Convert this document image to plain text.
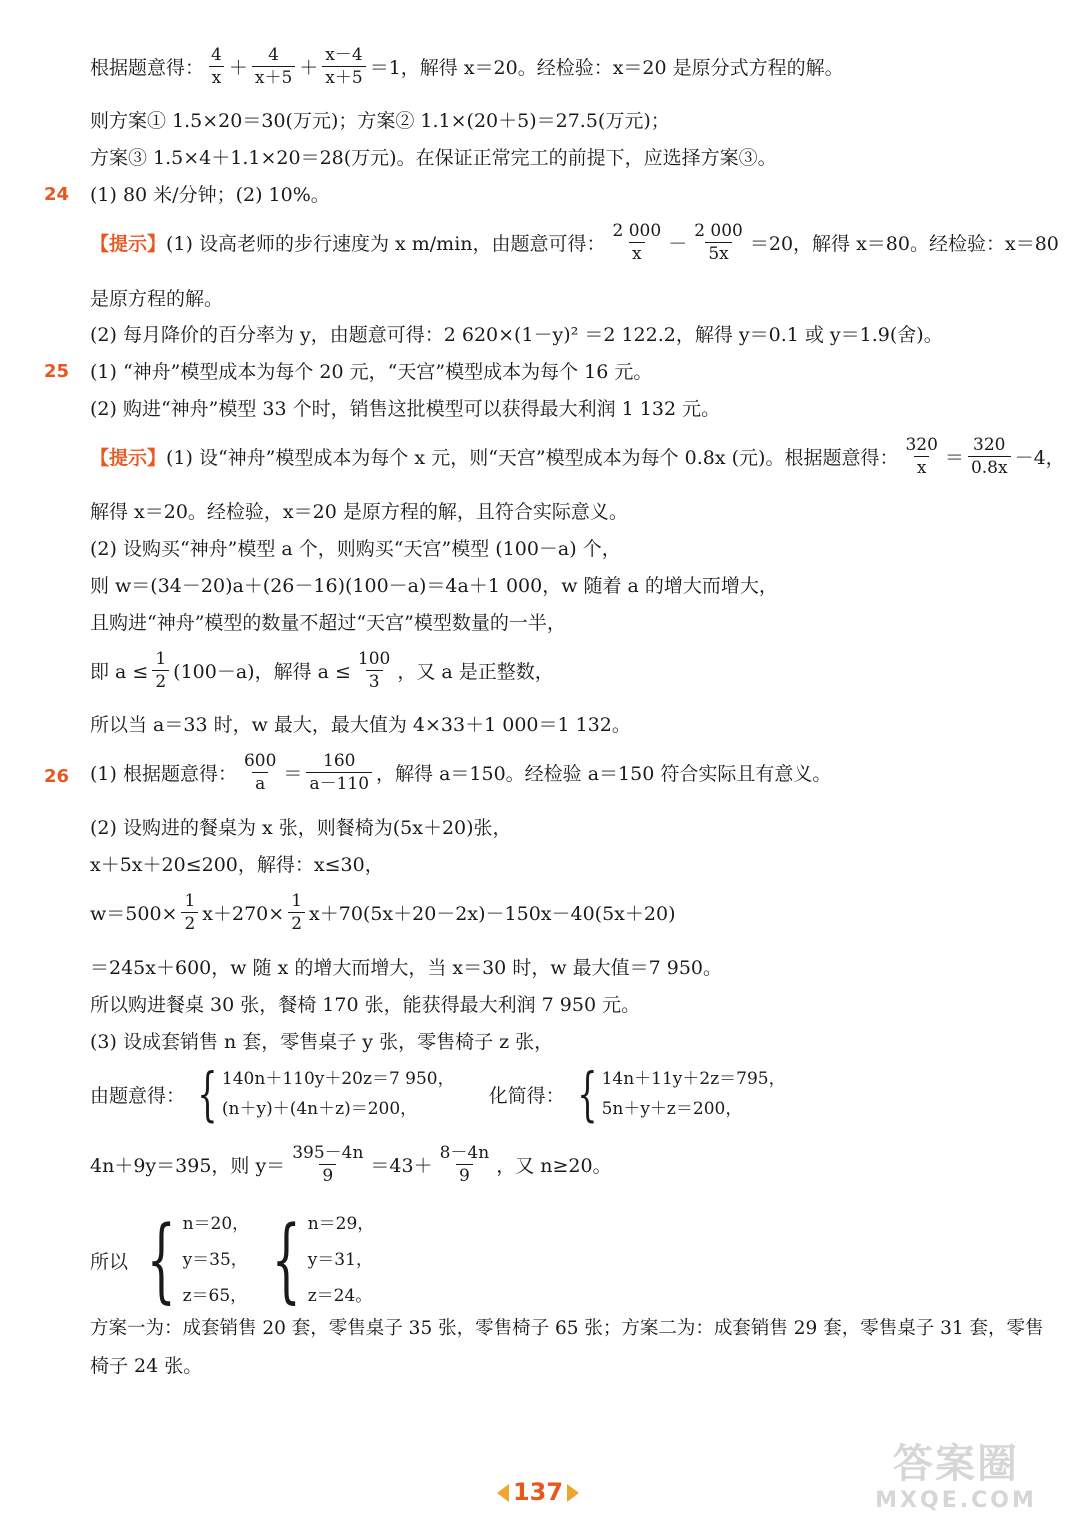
根据题意得： $\frac{4}{x} + \frac{4}{x+5} + \frac{x-4}{x+5} =1$，解得 x＝20。经检验：x＝20 是原分式方程的解。
则方案① 1.5×20＝30(万元)；方案② 1.1×(20＋5)＝27.5(万元)；
方案③ 1.5×4＋1.1×20＝28(万元)。在保证正常完工的前提下，应选择方案③。
24 (1) 80 米/分钟；(2) 10%。
【提示】 (1) 设高老师的步行速度为 x m/min，由题意可得： $\frac{2 000}{x} - \frac{2 000}{5x} =20$，解得 x＝80。经检验：x＝80
是原方程的解。
(2) 每月降价的百分率为 y，由题意可得：2 620×(1－y)² ＝2 122.2，解得 y＝0.1 或 y＝1.9(舍)。
25 (1) “神舟”模型成本为每个 20 元，“天宫”模型成本为每个 16 元。
(2) 购进“神舟”模型 33 个时，销售这批模型可以获得最大利润 1 132 元。
【提示】 (1) 设“神舟”模型成本为每个 x 元，则“天宫”模型成本为每个 0.8x (元)。根据题意得： $\frac{320}{x} = \frac{320}{0.8x} -4$，
解得 x＝20。经检验，x＝20 是原方程的解，且符合实际意义。
(2) 设购买“神舟”模型 a 个，则购买“天宫”模型 (100－a) 个，
则 w＝(34－20)a＋(26－16)(100－a)＝4a＋1 000，w 随着 a 的增大而增大，
且购进“神舟”模型的数量不超过“天宫”模型数量的一半，
即 $a \le \frac{1}{2} (100-a)$，解得 $a \le \frac{100}{3}$ ，又 a 是正整数，
所以当 a＝33 时，w 最大，最大值为 4×33＋1 000＝1 132。
26 (1) 根据题意得： $\frac{600}{a} = \frac{160}{a-110}$ ，解得 a＝150。经检验 a＝150 符合实际且有意义。
(2) 设购进的餐桌为 x 张，则餐椅为(5x＋20)张，
x＋5x＋20≤200，解得：x≤30，
$w=500\times \frac{1}{2} x+270\times \frac{1}{2} x+70(5x+20-2x)-150x-40(5x+20)$
＝245x＋600，w 随 x 的增大而增大，当 x＝30 时，w 最大值＝7 950。
所以购进餐桌 30 张，餐椅 170 张，能获得最大利润 7 950 元。
(3) 设成套销售 n 套，零售桌子 y 张，零售椅子 z 张，
由题意得： { 140n＋110y＋20z＝7 950，
(n＋y)＋(4n＋z)＝200，
化简得： { 14n＋11y＋2z＝795，
5n＋y＋z＝200，
4n＋9y＝395，则 $y= \frac{395-4n}{9} =43+ \frac{8-4n}{9}$ ，又 n≥20。
所以 { n＝20，
y＝35，
z＝65， { n＝29，
y＝31，
z＝24。
方案一为：成套销售 20 套，零售桌子 35 张，零售椅子 65 张；方案二为：成套销售 29 套，零售桌子 31 套，零售
椅子 24 张。
137
答案圈
MXQE.COM
